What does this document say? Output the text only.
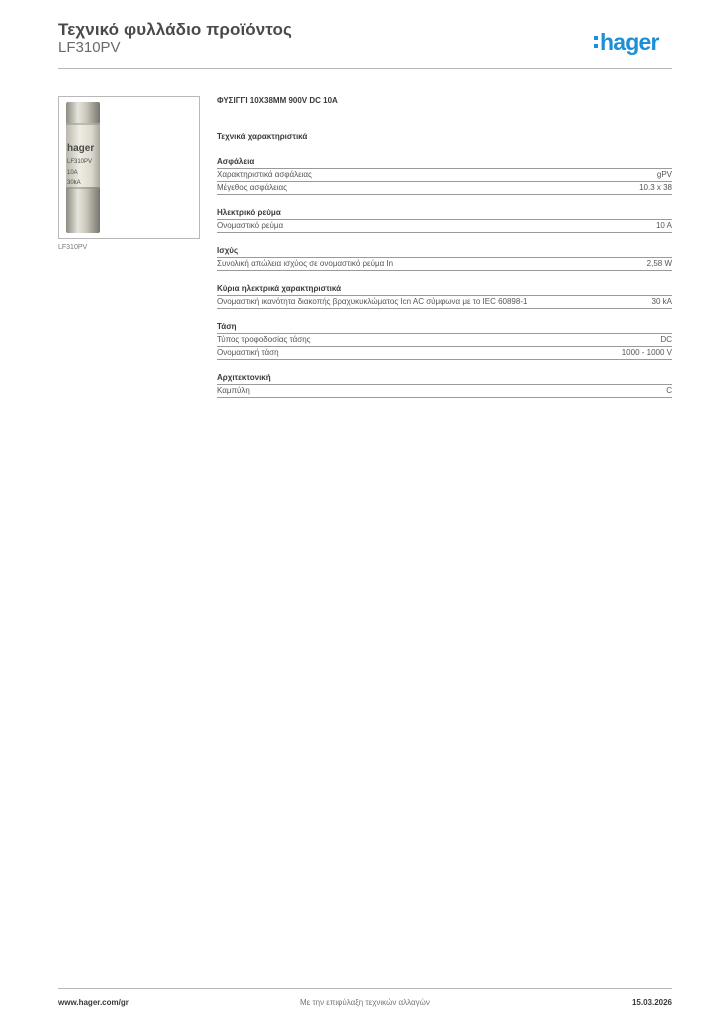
Τεχνικό φυλλάδιο προϊόντος
LF310PV	hager
hager
LF310PV
10A
30kA
LF310PV
ΦΥΣΙΓΓΙ 10X38MM 900V DC 10A
Τεχνικά χαρακτηριστικά
Ασφάλεια
Χαρακτηριστικά ασφάλειας	gPV
Μέγεθος ασφάλειας	10.3 x 38
Ηλεκτρικό ρεύμα
Ονομαστικό ρεύμα	10 A
Ισχύς
Συνολική απώλεια ισχύος σε ονομαστικό ρεύμα In	2,58 W
Κύρια ηλεκτρικά χαρακτηριστικά
Ονομαστική ικανότητα διακοπής βραχυκυκλώματος Icn AC σύμφωνα με το IEC 60898-1	30 kA
Τάση
Τύπος τροφοδοσίας τάσης	DC
Ονομαστική τάση	1000 - 1000 V
Αρχιτεκτονική
Καμπύλη	C
www.hager.com/gr	Με την επιφύλαξη τεχνικών αλλαγών	15.03.2026
